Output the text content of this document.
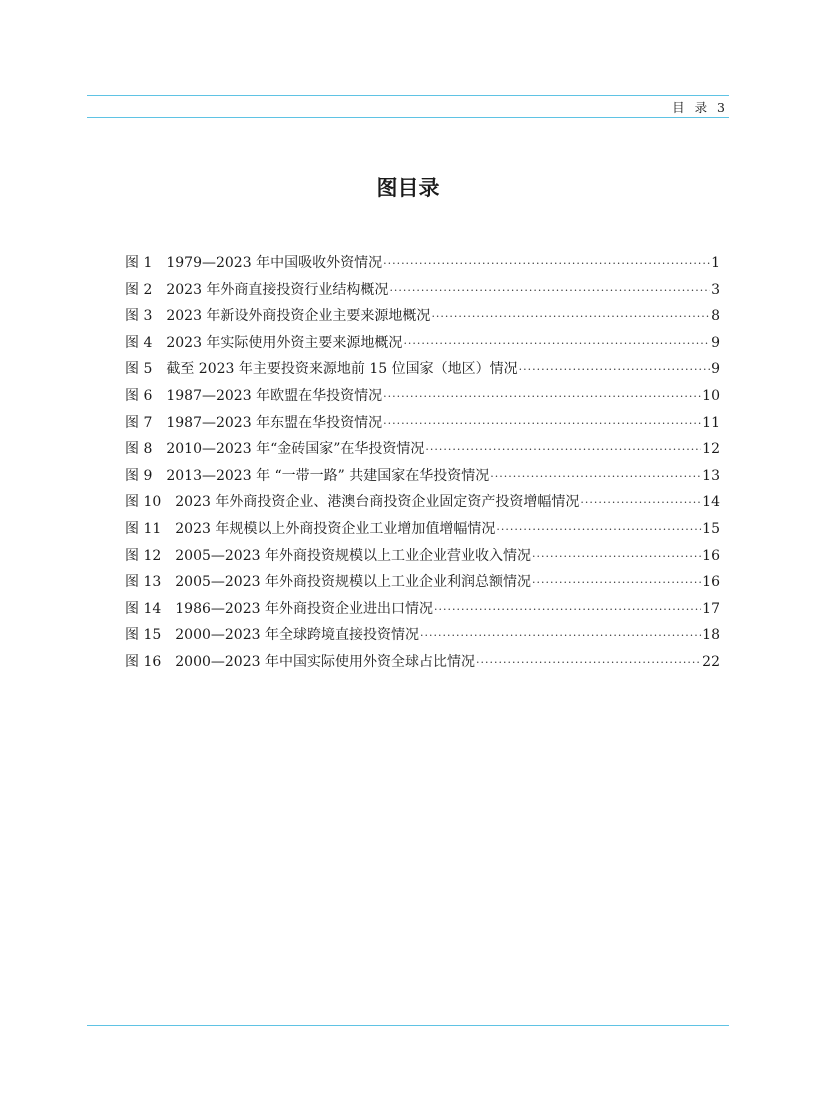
目 录 3
图目录
图 1　1979—2023 年中国吸收外资情况 ·····	1
图 2　2023 年外商直接投资行业结构概况 ·····	3
图 3　2023 年新设外商投资企业主要来源地概况 ·····	8
图 4　2023 年实际使用外资主要来源地概况 ·····	9
图 5　截至 2023 年主要投资来源地前 15 位国家（地区）情况 ·····	9
图 6　1987—2023 年欧盟在华投资情况 ·····	10
图 7　1987—2023 年东盟在华投资情况 ·····	11
图 8　2010—2023 年“金砖国家”在华投资情况 ·····	12
图 9　2013—2023 年 “一带一路” 共建国家在华投资情况 ·····	13
图 10　2023 年外商投资企业、港澳台商投资企业固定资产投资增幅情况 ·····	14
图 11　2023 年规模以上外商投资企业工业增加值增幅情况 ·····	15
图 12　2005—2023 年外商投资规模以上工业企业营业收入情况 ·····	16
图 13　2005—2023 年外商投资规模以上工业企业利润总额情况 ·····	16
图 14　1986—2023 年外商投资企业进出口情况 ·····	17
图 15　2000—2023 年全球跨境直接投资情况 ·····	18
图 16　2000—2023 年中国实际使用外资全球占比情况 ·····	22
